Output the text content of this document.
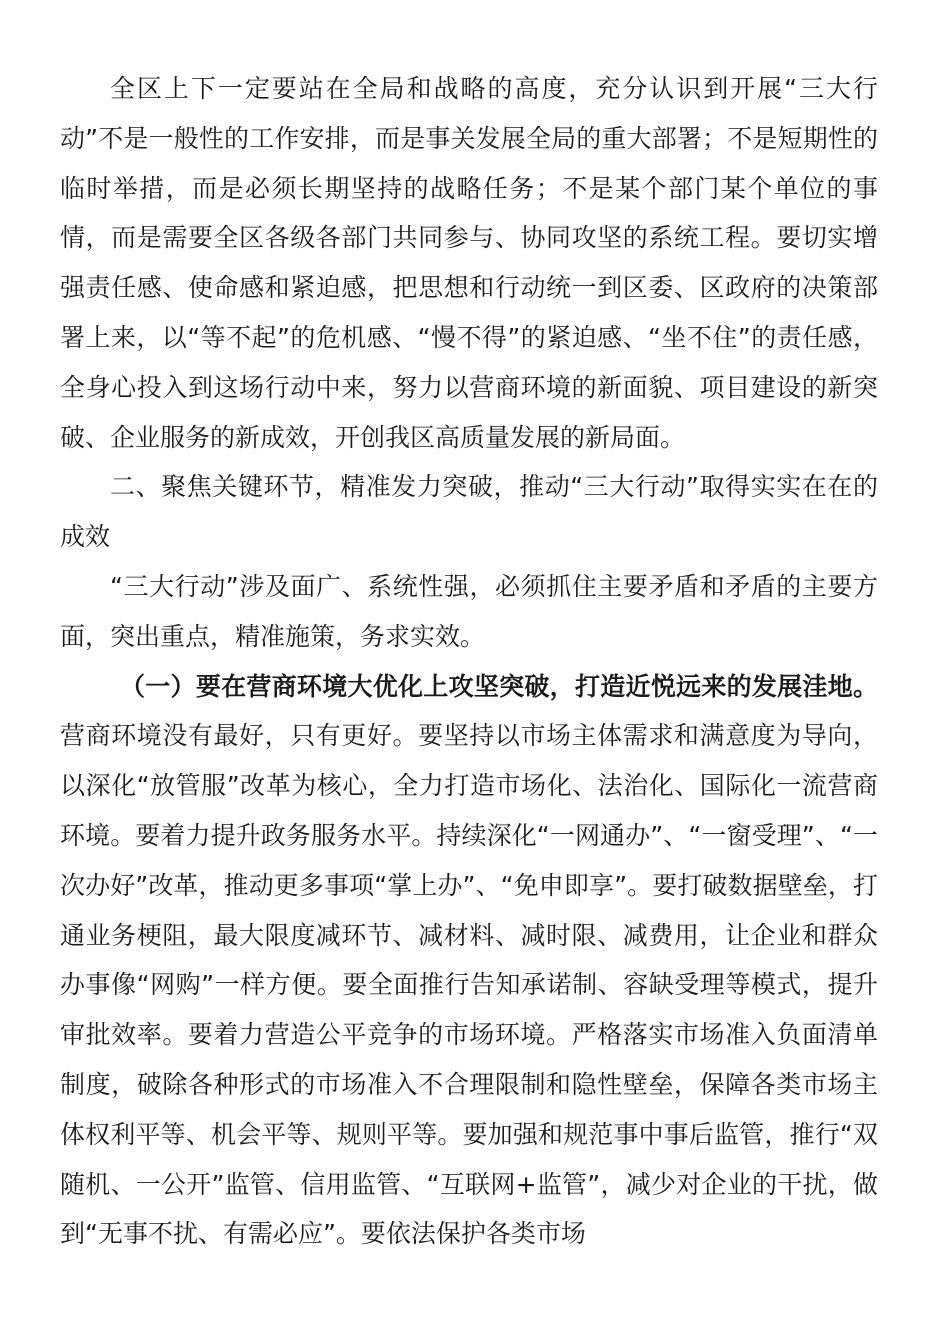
全区上下一定要站在全局和战略的高度，充分认识到开展“三大行动”不是一般性的工作安排，而是事关发展全局的重大部署；不是短期性的临时举措，而是必须长期坚持的战略任务；不是某个部门某个单位的事情，而是需要全区各级各部门共同参与、协同攻坚的系统工程。要切实增强责任感、使命感和紧迫感，把思想和行动统一到区委、区政府的决策部署上来，以“等不起”的危机感、“慢不得”的紧迫感、“坐不住”的责任感，全身心投入到这场行动中来，努力以营商环境的新面貌、项目建设的新突破、企业服务的新成效，开创我区高质量发展的新局面。

二、聚焦关键环节，精准发力突破，推动“三大行动”取得实实在在的成效

“三大行动”涉及面广、系统性强，必须抓住主要矛盾和矛盾的主要方面，突出重点，精准施策，务求实效。

（一）要在营商环境大优化上攻坚突破，打造近悦远来的发展洼地。营商环境没有最好，只有更好。要坚持以市场主体需求和满意度为导向，以深化“放管服”改革为核心，全力打造市场化、法治化、国际化一流营商环境。要着力提升政务服务水平。持续深化“一网通办”、“一窗受理”、“一次办好”改革，推动更多事项“掌上办”、“免申即享”。要打破数据壁垒，打通业务梗阻，最大限度减环节、减材料、减时限、减费用，让企业和群众办事像“网购”一样方便。要全面推行告知承诺制、容缺受理等模式，提升审批效率。要着力营造公平竞争的市场环境。严格落实市场准入负面清单制度，破除各种形式的市场准入不合理限制和隐性壁垒，保障各类市场主体权利平等、机会平等、规则平等。要加强和规范事中事后监管，推行“双随机、一公开”监管、信用监管、“互联网+监管”，减少对企业的干扰，做到“无事不扰、有需必应”。要依法保护各类市场
